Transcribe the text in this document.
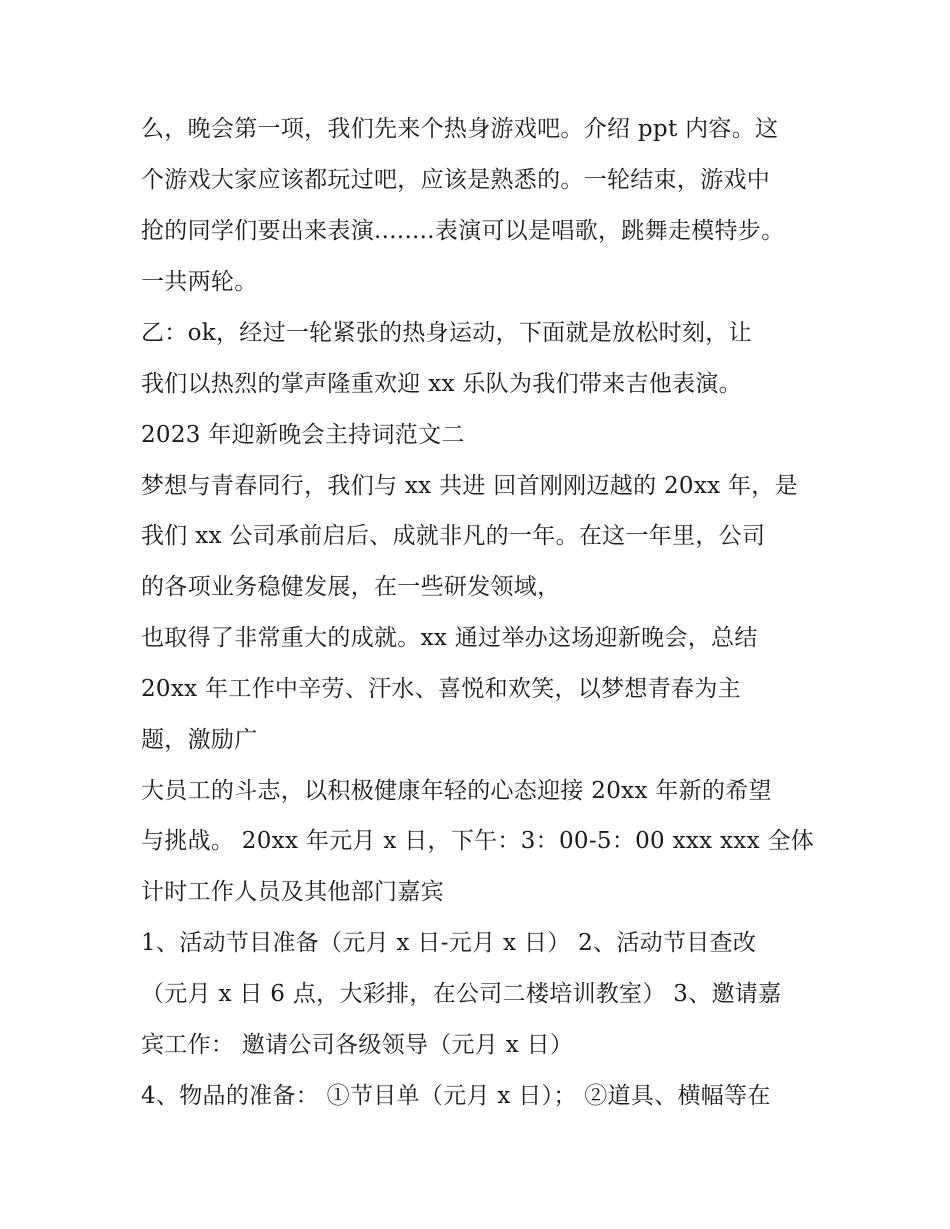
么，晚会第一项，我们先来个热身游戏吧。介绍 ppt 内容。这
个游戏大家应该都玩过吧，应该是熟悉的。一轮结束，游戏中
抢的同学们要出来表演........表演可以是唱歌，跳舞走模特步。
一共两轮。
乙：ok，经过一轮紧张的热身运动，下面就是放松时刻，让
我们以热烈的掌声隆重欢迎 xx 乐队为我们带来吉他表演。
2023 年迎新晚会主持词范文二
梦想与青春同行，我们与 xx 共进 回首刚刚迈越的 20xx 年，是
我们 xx 公司承前启后、成就非凡的一年。在这一年里，公司
的各项业务稳健发展，在一些研发领域，
也取得了非常重大的成就。xx 通过举办这场迎新晚会，总结
20xx 年工作中辛劳、汗水、喜悦和欢笑，以梦想青春为主
题，激励广
大员工的斗志，以积极健康年轻的心态迎接 20xx 年新的希望
与挑战。 20xx 年元月 x 日，下午：3：00-5：00 xxx xxx 全体
计时工作人员及其他部门嘉宾
1、活动节目准备（元月 x 日-元月 x 日） 2、活动节目查改
（元月 x 日 6 点，大彩排，在公司二楼培训教室） 3、邀请嘉
宾工作： 邀请公司各级领导（元月 x 日）
4、物品的准备： ①节目单（元月 x 日）； ②道具、横幅等在
